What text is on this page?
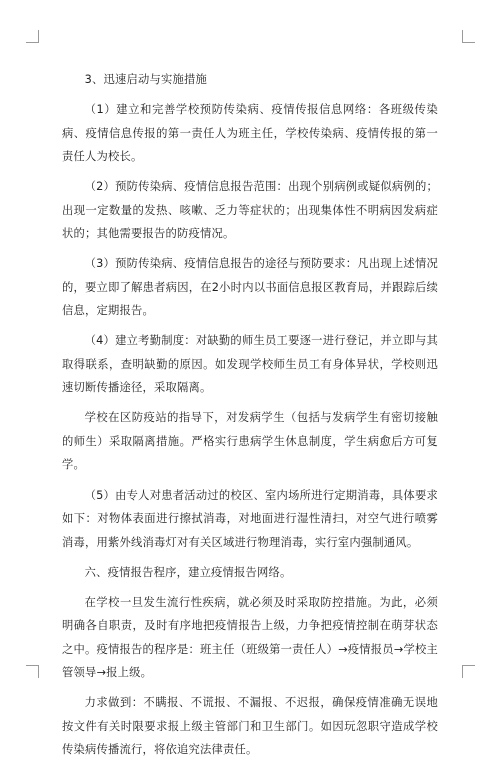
3、迅速启动与实施措施

（1）建立和完善学校预防传染病、疫情传报信息网络：各班级传染病、疫情信息传报的第一责任人为班主任，学校传染病、疫情传报的第一责任人为校长。

（2）预防传染病、疫情信息报告范围：出现个别病例或疑似病例的；出现一定数量的发热、咳嗽、乏力等症状的；出现集体性不明病因发病症状的；其他需要报告的防疫情况。

（3）预防传染病、疫情信息报告的途径与预防要求：凡出现上述情况的，要立即了解患者病因，在2小时内以书面信息报区教育局，并跟踪后续信息，定期报告。

（4）建立考勤制度：对缺勤的师生员工要逐一进行登记，并立即与其取得联系，查明缺勤的原因。如发现学校师生员工有身体异状，学校则迅速切断传播途径，采取隔离。

学校在区防疫站的指导下，对发病学生（包括与发病学生有密切接触的师生）采取隔离措施。严格实行患病学生休息制度，学生病愈后方可复学。

（5）由专人对患者活动过的校区、室内场所进行定期消毒，具体要求如下：对物体表面进行擦拭消毒，对地面进行湿性清扫，对空气进行喷雾消毒，用紫外线消毒灯对有关区域进行物理消毒，实行室内强制通风。

六、疫情报告程序，建立疫情报告网络。

在学校一旦发生流行性疾病，就必须及时采取防控措施。为此，必须明确各自职责，及时有序地把疫情报告上级，力争把疫情控制在萌芽状态之中。疫情报告的程序是：班主任（班级第一责任人）→疫情报员→学校主管领导→报上级。

力求做到：不瞒报、不谎报、不漏报、不迟报，确保疫情准确无误地按文件有关时限要求报上级主管部门和卫生部门。如因玩忽职守造成学校传染病传播流行，将依追究法律责任。
